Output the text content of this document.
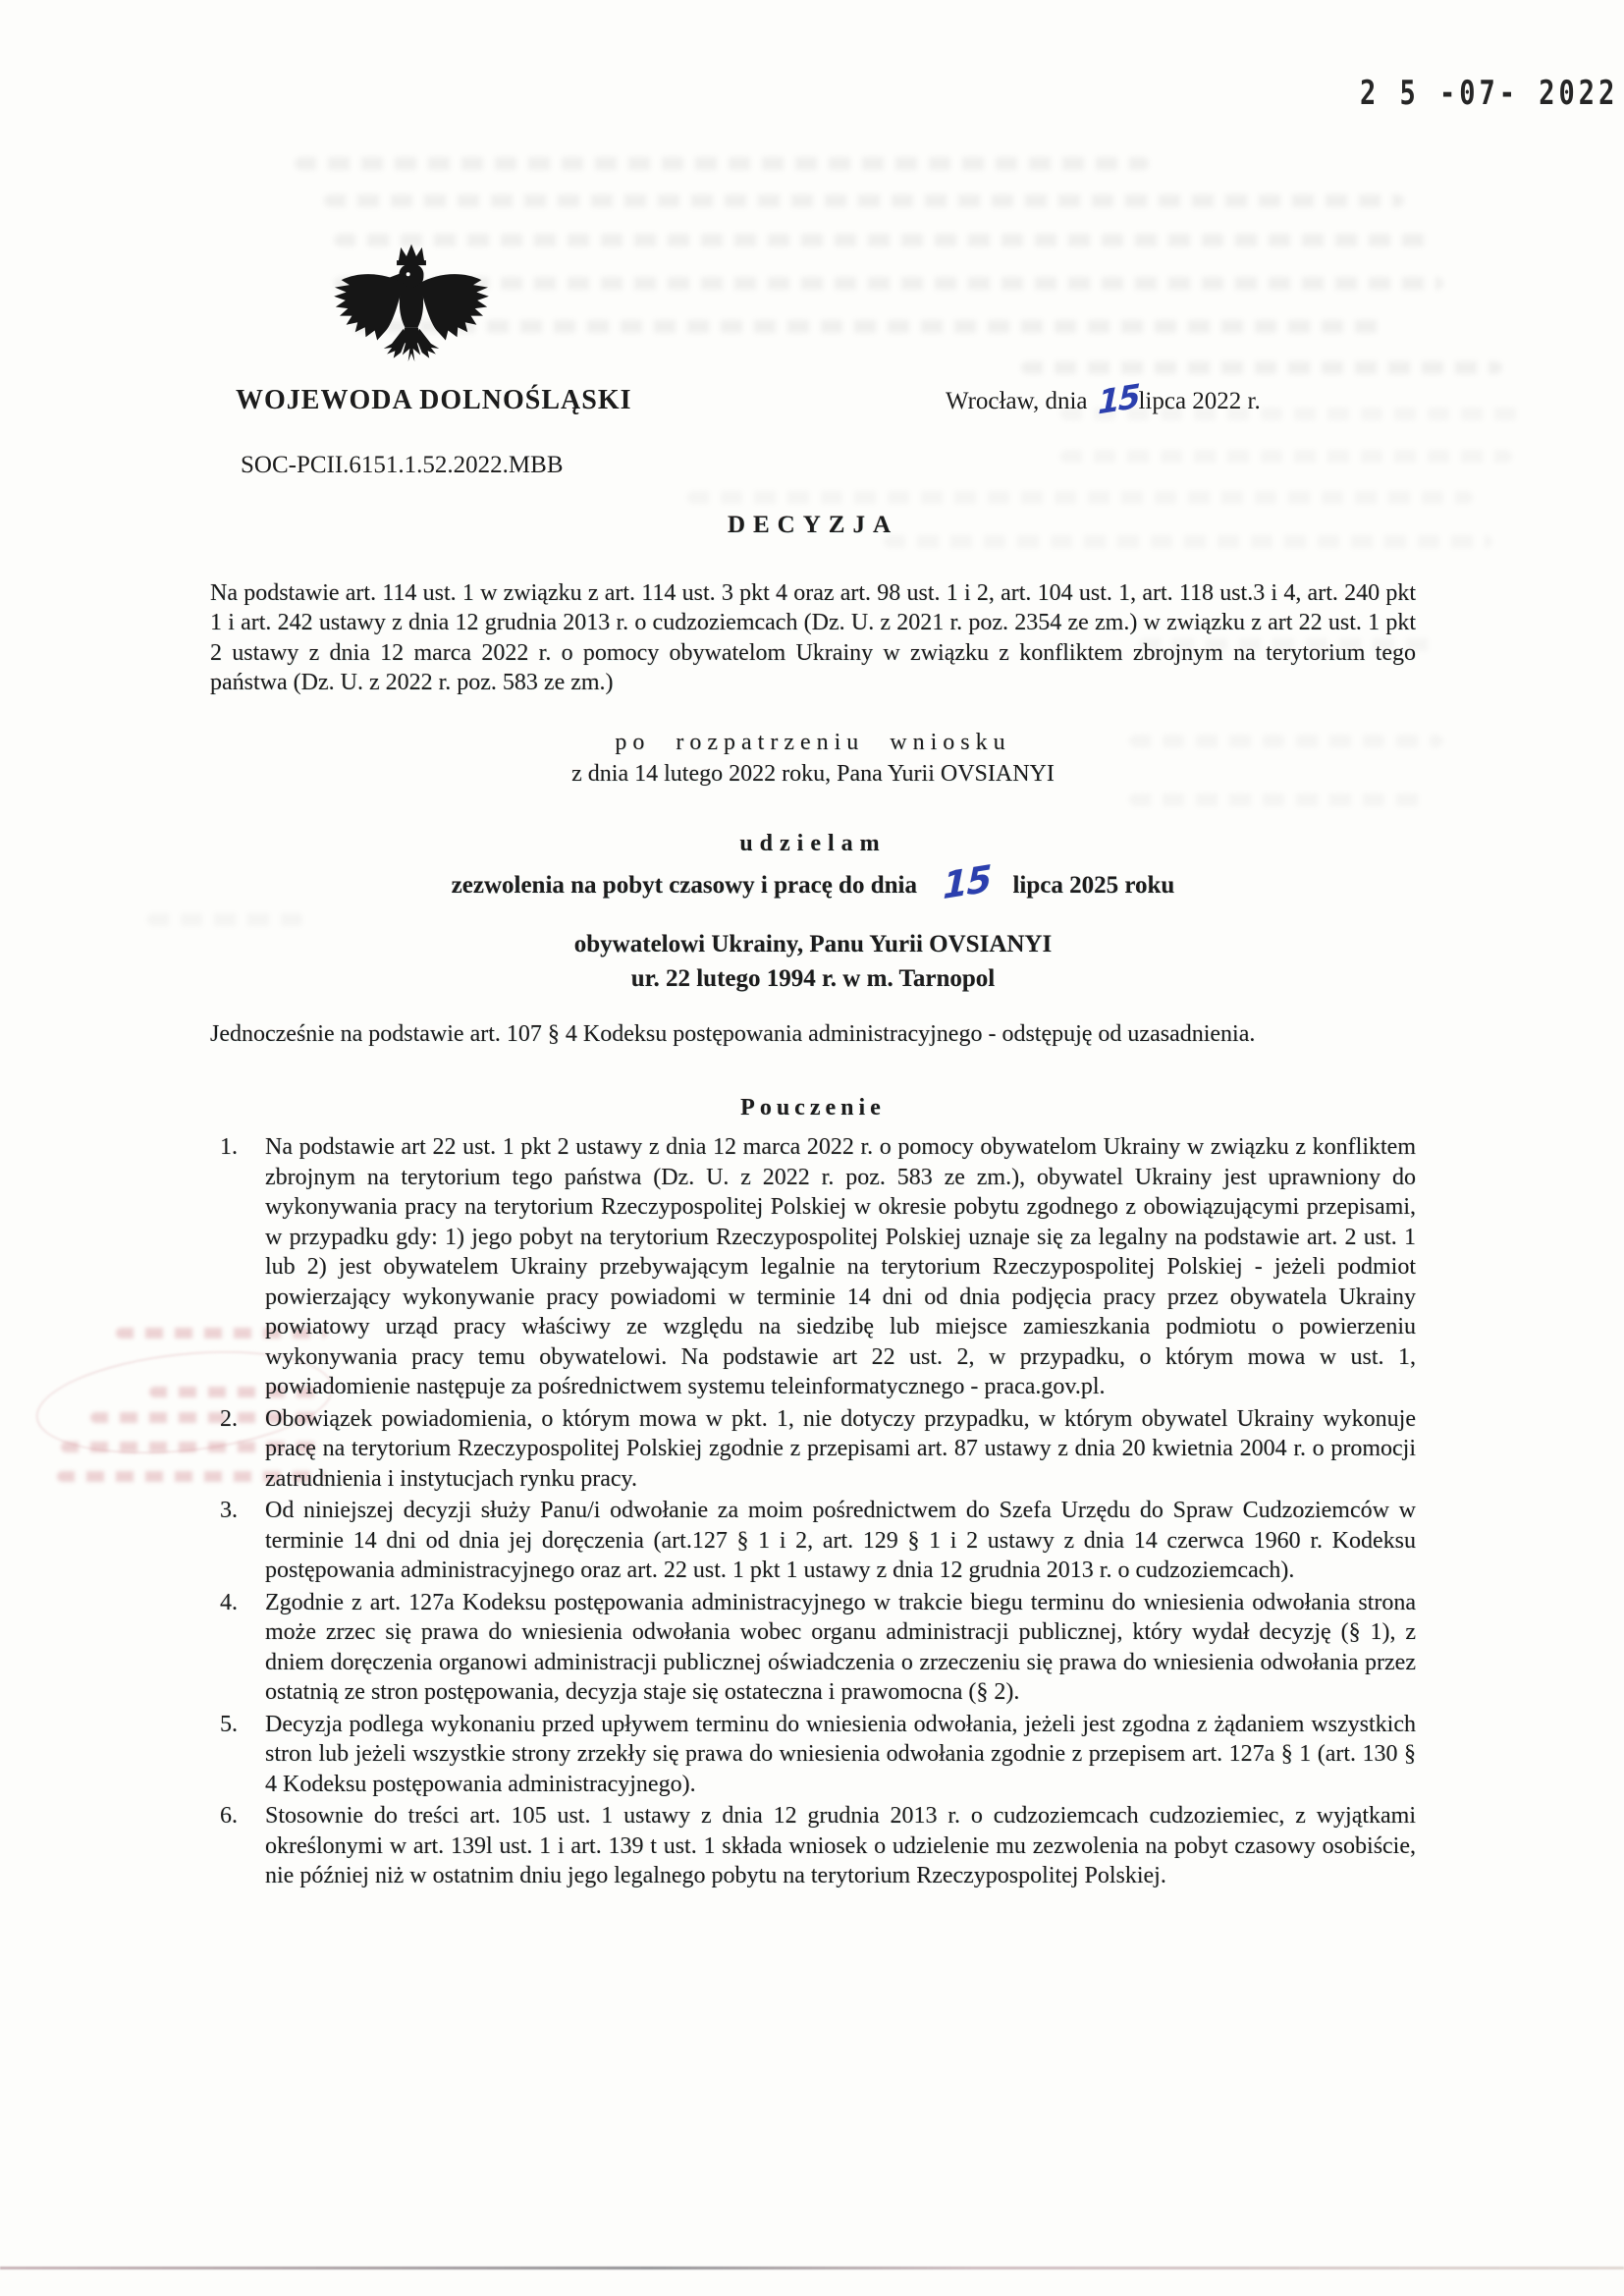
2 5 -07- 2022
WOJEWODA DOLNOŚLĄSKI	Wrocław, dnia 15lipca 2022 r.
SOC-PCII.6151.1.52.2022.MBB
DECYZJA

Na podstawie art. 114 ust. 1 w związku z art. 114 ust. 3 pkt 4 oraz art. 98 ust. 1 i 2, art. 104 ust. 1, art. 118 ust.3 i 4, art. 240 pkt 1 i art. 242 ustawy z dnia 12 grudnia 2013 r. o cudzoziemcach (Dz. U. z 2021 r. poz. 2354 ze zm.) w związku z art 22 ust. 1 pkt 2 ustawy z dnia 12 marca 2022 r. o pomocy obywatelom Ukrainy w związku z konfliktem zbrojnym na terytorium tego państwa (Dz. U. z 2022 r. poz. 583 ze zm.)

po rozpatrzeniu wniosku
z dnia 14 lutego 2022 roku, Pana Yurii OVSIANYI
udzielam
zezwolenia na pobyt czasowy i pracę do dnia 15 lipca 2025 roku
obywatelowi Ukrainy, Panu Yurii OVSIANYI
ur. 22 lutego 1994 r. w m. Tarnopol

Jednocześnie na podstawie art. 107 § 4 Kodeksu postępowania administracyjnego - odstępuję od uzasadnienia.

Pouczenie
1. Na podstawie art 22 ust. 1 pkt 2 ustawy z dnia 12 marca 2022 r. o pomocy obywatelom Ukrainy w związku z konfliktem zbrojnym na terytorium tego państwa (Dz. U. z 2022 r. poz. 583 ze zm.), obywatel Ukrainy jest uprawniony do wykonywania pracy na terytorium Rzeczypospolitej Polskiej w okresie pobytu zgodnego z obowiązującymi przepisami, w przypadku gdy: 1) jego pobyt na terytorium Rzeczypospolitej Polskiej uznaje się za legalny na podstawie art. 2 ust. 1 lub 2) jest obywatelem Ukrainy przebywającym legalnie na terytorium Rzeczypospolitej Polskiej - jeżeli podmiot powierzający wykonywanie pracy powiadomi w terminie 14 dni od dnia podjęcia pracy przez obywatela Ukrainy powiatowy urząd pracy właściwy ze względu na siedzibę lub miejsce zamieszkania podmiotu o powierzeniu wykonywania pracy temu obywatelowi. Na podstawie art 22 ust. 2, w przypadku, o którym mowa w ust. 1, powiadomienie następuje za pośrednictwem systemu teleinformatycznego - praca.gov.pl.
2. Obowiązek powiadomienia, o którym mowa w pkt. 1, nie dotyczy przypadku, w którym obywatel Ukrainy wykonuje pracę na terytorium Rzeczypospolitej Polskiej zgodnie z przepisami art. 87 ustawy z dnia 20 kwietnia 2004 r. o promocji zatrudnienia i instytucjach rynku pracy.
3. Od niniejszej decyzji służy Panu/i odwołanie za moim pośrednictwem do Szefa Urzędu do Spraw Cudzoziemców w terminie 14 dni od dnia jej doręczenia (art.127 § 1 i 2, art. 129 § 1 i 2 ustawy z dnia 14 czerwca 1960 r. Kodeksu postępowania administracyjnego oraz art. 22 ust. 1 pkt 1 ustawy z dnia 12 grudnia 2013 r. o cudzoziemcach).
4. Zgodnie z art. 127a Kodeksu postępowania administracyjnego w trakcie biegu terminu do wniesienia odwołania strona może zrzec się prawa do wniesienia odwołania wobec organu administracji publicznej, który wydał decyzję (§ 1), z dniem doręczenia organowi administracji publicznej oświadczenia o zrzeczeniu się prawa do wniesienia odwołania przez ostatnią ze stron postępowania, decyzja staje się ostateczna i prawomocna (§ 2).
5. Decyzja podlega wykonaniu przed upływem terminu do wniesienia odwołania, jeżeli jest zgodna z żądaniem wszystkich stron lub jeżeli wszystkie strony zrzekły się prawa do wniesienia odwołania zgodnie z przepisem art. 127a § 1 (art. 130 § 4 Kodeksu postępowania administracyjnego).
6. Stosownie do treści art. 105 ust. 1 ustawy z dnia 12 grudnia 2013 r. o cudzoziemcach cudzoziemiec, z wyjątkami określonymi w art. 139l ust. 1 i art. 139 t ust. 1 składa wniosek o udzielenie mu zezwolenia na pobyt czasowy osobiście, nie później niż w ostatnim dniu jego legalnego pobytu na terytorium Rzeczypospolitej Polskiej.
